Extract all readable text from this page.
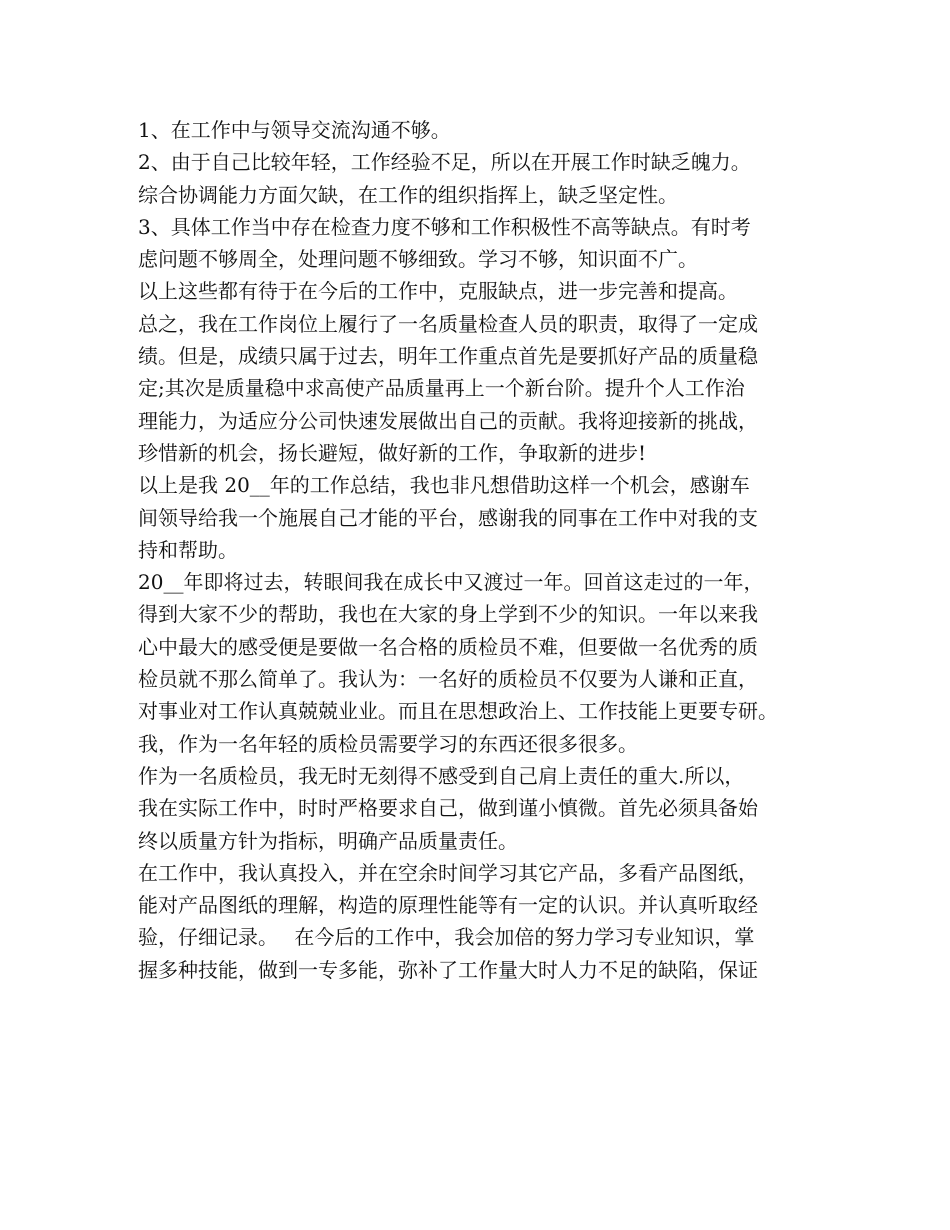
1、在工作中与领导交流沟通不够。
2、由于自己比较年轻，工作经验不足，所以在开展工作时缺乏魄力。
综合协调能力方面欠缺，在工作的组织指挥上，缺乏坚定性。
3、具体工作当中存在检查力度不够和工作积极性不高等缺点。有时考
虑问题不够周全，处理问题不够细致。学习不够，知识面不广。
以上这些都有待于在今后的工作中，克服缺点，进一步完善和提高。
总之，我在工作岗位上履行了一名质量检查人员的职责，取得了一定成
绩。但是，成绩只属于过去，明年工作重点首先是要抓好产品的质量稳
定;其次是质量稳中求高使产品质量再上一个新台阶。提升个人工作治
理能力，为适应分公司快速发展做出自己的贡献。我将迎接新的挑战，
珍惜新的机会，扬长避短，做好新的工作，争取新的进步!
以上是我 20__年的工作总结，我也非凡想借助这样一个机会，感谢车
间领导给我一个施展自己才能的平台，感谢我的同事在工作中对我的支
持和帮助。
20__年即将过去，转眼间我在成长中又渡过一年。回首这走过的一年，
得到大家不少的帮助，我也在大家的身上学到不少的知识。一年以来我
心中最大的感受便是要做一名合格的质检员不难，但要做一名优秀的质
检员就不那么简单了。我认为：一名好的质检员不仅要为人谦和正直，
对事业对工作认真兢兢业业。而且在思想政治上、工作技能上更要专研。
我，作为一名年轻的质检员需要学习的东西还很多很多。
作为一名质检员，我无时无刻得不感受到自己肩上责任的重大.所以，
我在实际工作中，时时严格要求自己，做到谨小慎微。首先必须具备始
终以质量方针为指标，明确产品质量责任。
在工作中，我认真投入，并在空余时间学习其它产品，多看产品图纸，
能对产品图纸的理解，构造的原理性能等有一定的认识。并认真听取经
验，仔细记录。　 在今后的工作中，我会加倍的努力学习专业知识，掌
握多种技能，做到一专多能，弥补了工作量大时人力不足的缺陷，保证
